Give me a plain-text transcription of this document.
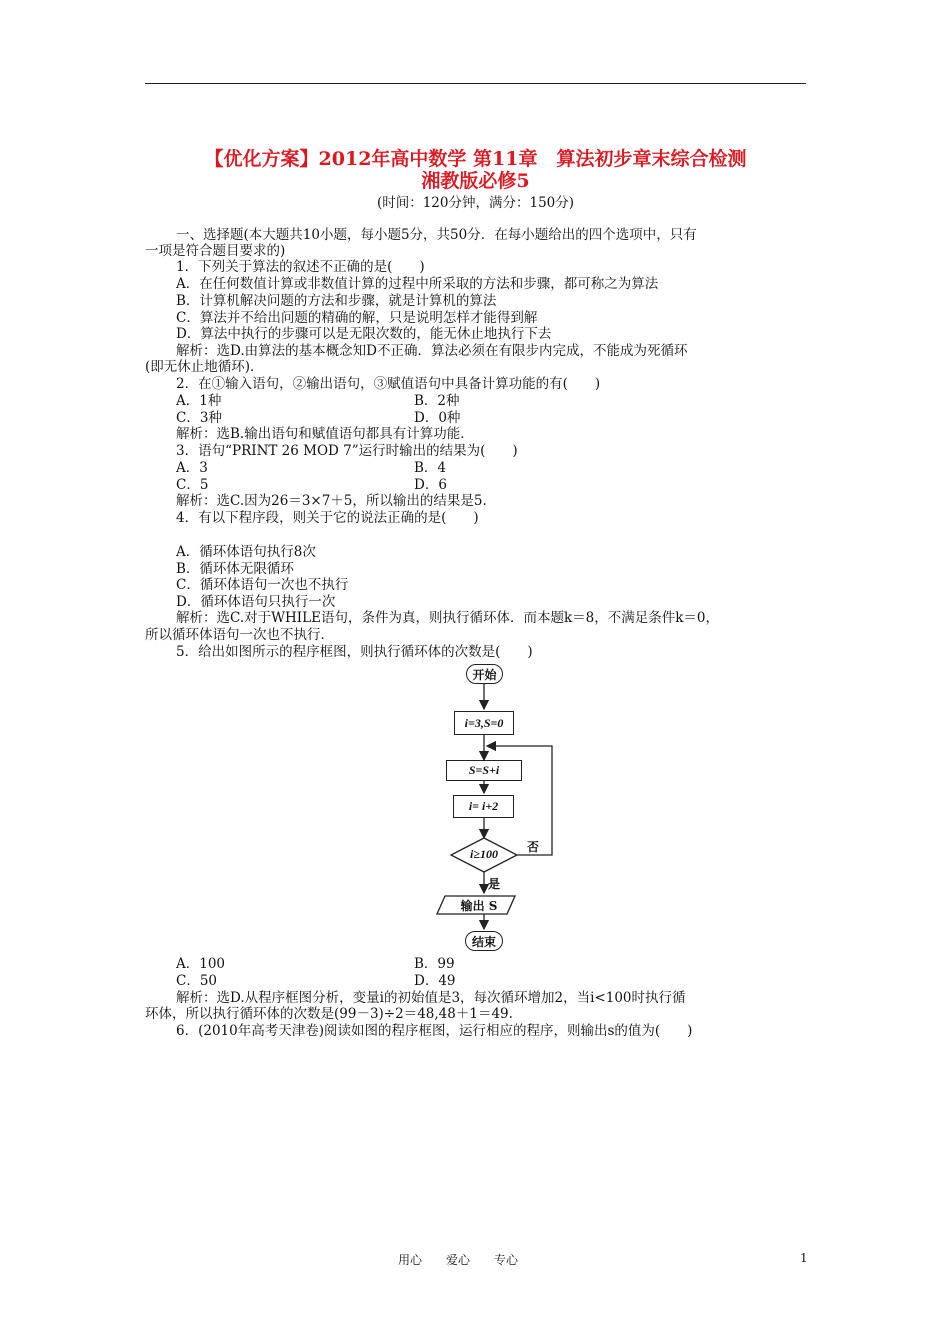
【优化方案】2012年高中数学 第11章　算法初步章末综合检测
湘教版必修5
(时间：120分钟，满分：150分)
一、选择题(本大题共10小题，每小题5分，共50分．在每小题给出的四个选项中，只有
一项是符合题目要求的)
1．下列关于算法的叙述不正确的是(　　)
A．在任何数值计算或非数值计算的过程中所采取的方法和步骤，都可称之为算法
B．计算机解决问题的方法和步骤，就是计算机的算法
C．算法并不给出问题的精确的解，只是说明怎样才能得到解
D．算法中执行的步骤可以是无限次数的，能无休止地执行下去
解析：选D.由算法的基本概念知D不正确．算法必须在有限步内完成，不能成为死循环
(即无休止地循环)．
2．在①输入语句，②输出语句，③赋值语句中具备计算功能的有(　　)
A．1种	B．2种
C．3种	D．0种
解析：选B.输出语句和赋值语句都具有计算功能．
3．语句“PRINT 26 MOD 7”运行时输出的结果为(　　)
A．3	B．4
C．5	D．6
解析：选C.因为26＝3×7＋5，所以输出的结果是5.
4．有以下程序段，则关于它的说法正确的是(　　)
A．循环体语句执行8次
B．循环体无限循环
C．循环体语句一次也不执行
D．循环体语句只执行一次
解析：选C.对于WHILE语句，条件为真，则执行循环体．而本题k＝8，不满足条件k＝0，
所以循环体语句一次也不执行．
5．给出如图所示的程序框图，则执行循环体的次数是(　　)
开始
i=3,S=0
S=S+i
i= i+2
i≥100	否
是
输出 S
结束
A．100	B．99
C．50	D．49
解析：选D.从程序框图分析，变量i的初始值是3，每次循环增加2，当i<100时执行循
环体，所以执行循环体的次数是(99－3)÷2＝48,48＋1＝49.
6．(2010年高考天津卷)阅读如图的程序框图，运行相应的程序，则输出s的值为(　　)
用心　　爱心　　专心	1
